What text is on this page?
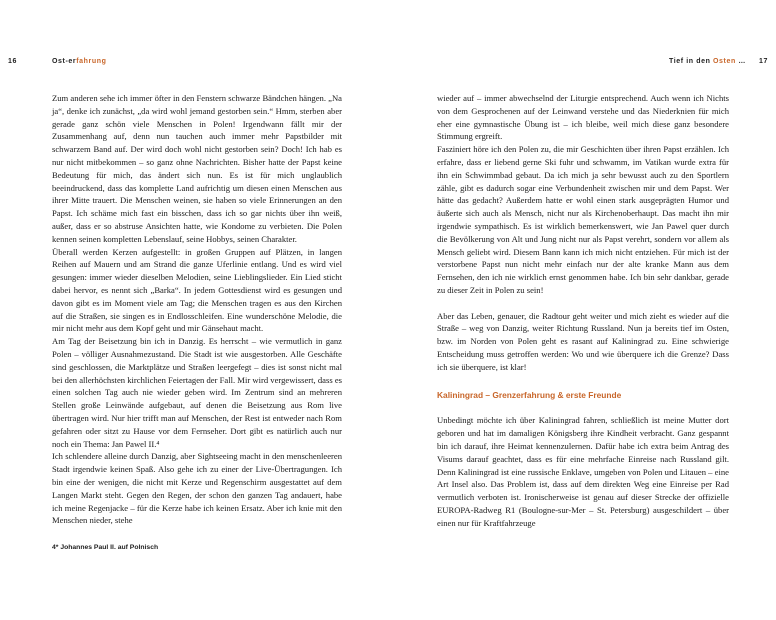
16	Ost-erfahrung

Zum anderen sehe ich immer öfter in den Fenstern schwarze Bändchen hängen. „Na ja“, denke ich zunächst, „da wird wohl jemand gestorben sein.“ Hmm, sterben aber gerade ganz schön viele Menschen in Polen! Irgendwann fällt mir der Zusammenhang auf, denn nun tauchen auch immer mehr Papstbilder mit schwarzem Band auf. Der wird doch wohl nicht gestorben sein? Doch! Ich hab es nur nicht mitbekommen – so ganz ohne Nachrichten. Bisher hatte der Papst keine Bedeutung für mich, das ändert sich nun. Es ist für mich unglaublich beeindruckend, dass das komplette Land aufrichtig um diesen einen Menschen aus ihrer Mitte trauert. Die Menschen weinen, sie haben so viele Erinnerungen an den Papst. Ich schäme mich fast ein bisschen, dass ich so gar nichts über ihn weiß, außer, dass er so abstruse Ansichten hatte, wie Kondome zu verbieten. Die Polen kennen seinen kompletten Lebenslauf, seine Hobbys, seinen Charakter.

Überall werden Kerzen aufgestellt: in großen Gruppen auf Plätzen, in langen Reihen auf Mauern und am Strand die ganze Uferlinie entlang. Und es wird viel gesungen: immer wieder dieselben Melodien, seine Lieblingslieder. Ein Lied sticht dabei hervor, es nennt sich „Barka“. In jedem Gottesdienst wird es gesungen und davon gibt es im Moment viele am Tag; die Menschen tragen es aus den Kirchen auf die Straßen, sie singen es in Endlosschleifen. Eine wunderschöne Melodie, die mir nicht mehr aus dem Kopf geht und mir Gänsehaut macht.

Am Tag der Beisetzung bin ich in Danzig. Es herrscht – wie vermutlich in ganz Polen – völliger Ausnahmezustand. Die Stadt ist wie ausgestorben. Alle Geschäfte sind geschlossen, die Marktplätze und Straßen leergefegt – dies ist sonst nicht mal bei den allerhöchsten kirchlichen Feiertagen der Fall. Mir wird vergewissert, dass es einen solchen Tag auch nie wieder geben wird. Im Zentrum sind an mehreren Stellen große Leinwände aufgebaut, auf denen die Beisetzung aus Rom live übertragen wird. Nur hier trifft man auf Menschen, der Rest ist entweder nach Rom gefahren oder sitzt zu Hause vor dem Fernseher. Dort gibt es natürlich auch nur noch ein Thema: Jan Pawel II.⁴

Ich schlendere alleine durch Danzig, aber Sightseeing macht in den menschenleeren Stadt irgendwie keinen Spaß. Also gehe ich zu einer der Live-Übertragungen. Ich bin eine der wenigen, die nicht mit Kerze und Regenschirm ausgestattet auf dem Langen Markt steht. Gegen den Regen, der schon den ganzen Tag andauert, habe ich meine Regenjacke – für die Kerze habe ich keinen Ersatz. Aber ich knie mit den Menschen nieder, stehe

4* Johannes Paul II. auf Polnisch
Tief in den Osten … 17

wieder auf – immer abwechselnd der Liturgie entsprechend. Auch wenn ich Nichts von dem Gesprochenen auf der Leinwand verstehe und das Niederknien für mich eher eine gymnastische Übung ist – ich bleibe, weil mich diese ganz besondere Stimmung ergreift.

Fasziniert höre ich den Polen zu, die mir Geschichten über ihren Papst erzählen. Ich erfahre, dass er liebend gerne Ski fuhr und schwamm, im Vatikan wurde extra für ihn ein Schwimmbad gebaut. Da ich mich ja sehr bewusst auch zu den Sportlern zähle, gibt es dadurch sogar eine Verbundenheit zwischen mir und dem Papst. Wer hätte das gedacht? Außerdem hatte er wohl einen stark ausgeprägten Humor und äußerte sich auch als Mensch, nicht nur als Kirchenoberhaupt. Das macht ihn mir irgendwie sympathisch. Es ist wirklich bemerkenswert, wie Jan Pawel quer durch die Bevölkerung von Alt und Jung nicht nur als Papst verehrt, sondern vor allem als Mensch geliebt wird. Diesem Bann kann ich mich nicht entziehen. Für mich ist der verstorbene Papst nun nicht mehr einfach nur der alte kranke Mann aus dem Fernsehen, den ich nie wirklich ernst genommen habe. Ich bin sehr dankbar, gerade zu dieser Zeit in Polen zu sein!

Aber das Leben, genauer, die Radtour geht weiter und mich zieht es wieder auf die Straße – weg von Danzig, weiter Richtung Russland. Nun ja bereits tief im Osten, bzw. im Norden von Polen geht es rasant auf Kaliningrad zu. Eine schwierige Entscheidung muss getroffen werden: Wo und wie überquere ich die Grenze? Dass ich sie überquere, ist klar!

Kaliningrad – Grenzerfahrung & erste Freunde

Unbedingt möchte ich über Kaliningrad fahren, schließlich ist meine Mutter dort geboren und hat im damaligen Königsberg ihre Kindheit verbracht. Ganz gespannt bin ich darauf, ihre Heimat kennenzulernen. Dafür habe ich extra beim Antrag des Visums darauf geachtet, dass es für eine mehrfache Einreise nach Russland gilt. Denn Kaliningrad ist eine russische Enklave, umgeben von Polen und Litauen – eine Art Insel also. Das Problem ist, dass auf dem direkten Weg eine Einreise per Rad vermutlich verboten ist. Ironischerweise ist genau auf dieser Strecke der offizielle EUROPA-Radweg R1 (Boulogne-sur-Mer – St. Petersburg) ausgeschildert – über einen nur für Kraftfahrzeuge
